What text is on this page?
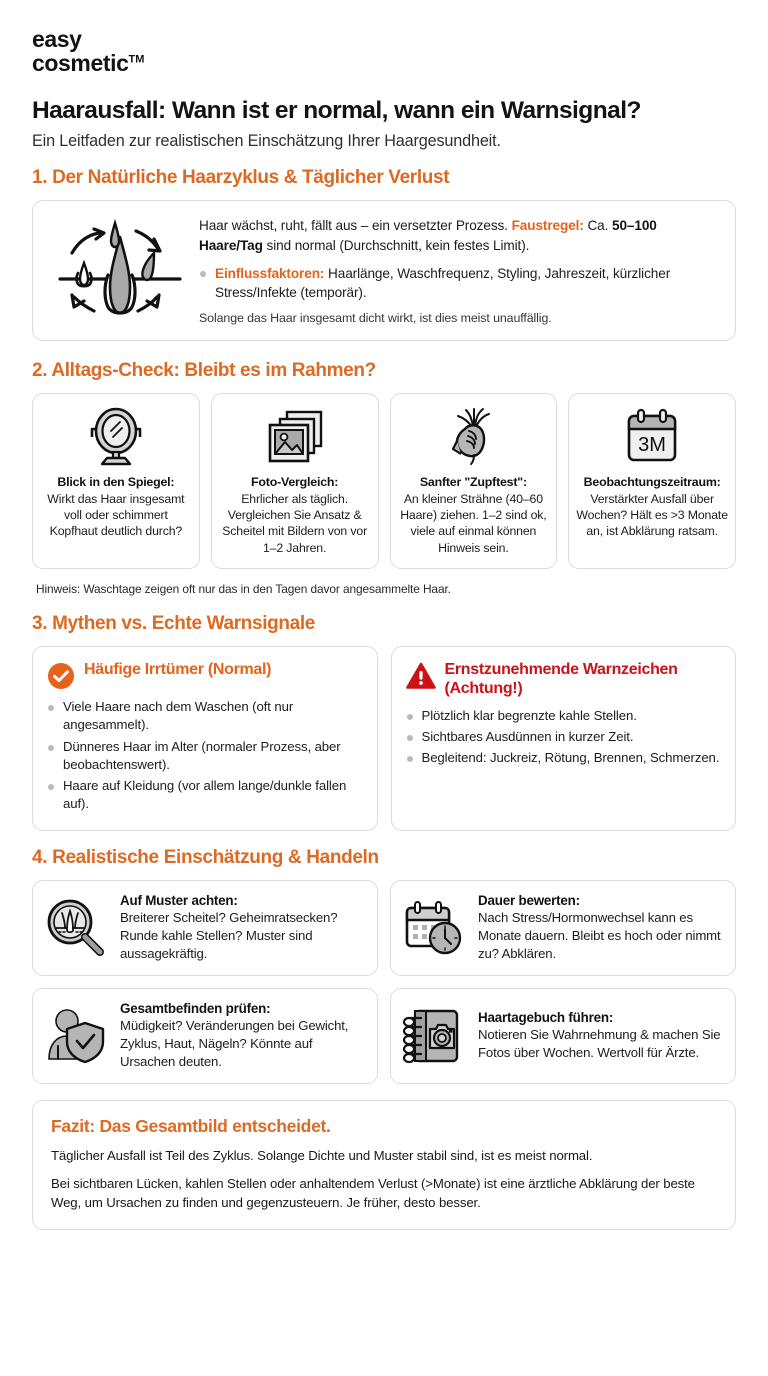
easy
cosmetic™
Haarausfall: Wann ist er normal, wann ein Warnsignal?

Ein Leitfaden zur realistischen Einschätzung Ihrer Haargesundheit.

1. Der Natürliche Haarzyklus & Täglicher Verlust

Haar wächst, ruht, fällt aus – ein versetzter Prozess. Faustregel: Ca. 50–100 Haare/Tag sind normal (Durchschnitt, kein festes Limit).

Einflussfaktoren: Haarlänge, Waschfrequenz, Styling, Jahreszeit, kürzlicher Stress/Infekte (temporär).

Solange das Haar insgesamt dicht wirkt, ist dies meist unauffällig.

2. Alltags-Check: Bleibt es im Rahmen?
Blick in den Spiegel:
Wirkt das Haar insgesamt voll oder schimmert Kopfhaut deutlich durch?
Foto-Vergleich:
Ehrlicher als täglich. Vergleichen Sie Ansatz & Scheitel mit Bildern von vor 1–2 Jahren.
Sanfter "Zupftest":
An kleiner Strähne (40–60 Haare) ziehen. 1–2 sind ok, viele auf einmal können Hinweis sein.
3M
Beobachtungszeitraum:
Verstärkter Ausfall über Wochen? Hält es >3 Monate an, ist Abklärung ratsam.

Hinweis: Waschtage zeigen oft nur das in den Tagen davor angesammelte Haar.

3. Mythen vs. Echte Warnsignale
Häufige Irrtümer (Normal)
Viele Haare nach dem Waschen (oft nur angesammelt).
Dünneres Haar im Alter (normaler Prozess, aber beobachtenswert).
Haare auf Kleidung (vor allem lange/dunkle fallen auf).
Ernstzunehmende Warnzeichen (Achtung!)
Plötzlich klar begrenzte kahle Stellen.
Sichtbares Ausdünnen in kurzer Zeit.
Begleitend: Juckreiz, Rötung, Brennen, Schmerzen.
4. Realistische Einschätzung & Handeln
Auf Muster achten:
Breiterer Scheitel? Geheimratsecken? Runde kahle Stellen? Muster sind aussagekräftig.
Dauer bewerten:
Nach Stress/Hormonwechsel kann es Monate dauern. Bleibt es hoch oder nimmt zu? Abklären.
Gesamtbefinden prüfen:
Müdigkeit? Veränderungen bei Gewicht, Zyklus, Haut, Nägeln? Könnte auf Ursachen deuten.
Haartagebuch führen:
Notieren Sie Wahrnehmung & machen Sie Fotos über Wochen. Wertvoll für Ärzte.
Fazit: Das Gesamtbild entscheidet.

Täglicher Ausfall ist Teil des Zyklus. Solange Dichte und Muster stabil sind, ist es meist normal.

Bei sichtbaren Lücken, kahlen Stellen oder anhaltendem Verlust (>Monate) ist eine ärztliche Abklärung der beste Weg, um Ursachen zu finden und gegenzusteuern. Je früher, desto besser.
